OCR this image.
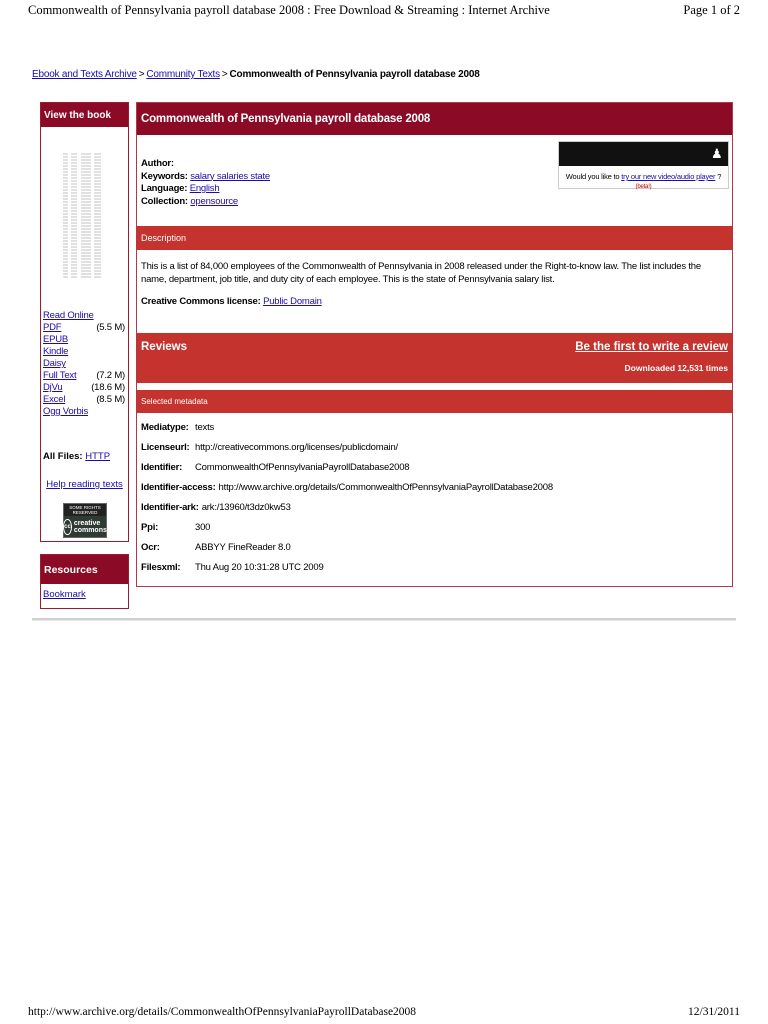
Commonwealth of Pennsylvania payroll database 2008 : Free Download & Streaming : Internet Archive	Page 1 of 2
Ebook and Texts Archive > Community Texts > Commonwealth of Pennsylvania payroll database 2008
View the book
Read Online
PDF	(5.5 M)
EPUB
Kindle
Daisy
Full Text (7.2 M)
DjVu	(18.6 M)
Excel	(8.5 M)
Ogg Vorbis
All Files: HTTP
Help reading texts
SOME RIGHTS RESERVED
cc creative
commons
Resources
Bookmark
Commonwealth of Pennsylvania payroll database 2008
Author:
Keywords: salary salaries state
Language: English
Collection: opensource
♟
Would you like to try our new video/audio player ? (beta!)
Description
This is a list of 84,000 employees of the Commonwealth of Pennsylvania in 2008 released under the Right-to-know law. The list includes the name, department, job title, and duty city of each employee. This is the state of Pennsylvania salary list.
Creative Commons license: Public Domain
Reviews	Be the first to write a review
Downloaded 12,531 times
Selected metadata
Mediatype: texts
Licenseurl: http://creativecommons.org/licenses/publicdomain/
Identifier:	CommonwealthOfPennsylvaniaPayrollDatabase2008
Identifier-access: http://www.archive.org/details/CommonwealthOfPennsylvaniaPayrollDatabase2008
Identifier-ark: ark:/13960/t3dz0kw53
Ppi:	300
Ocr:	ABBYY FineReader 8.0
Filesxml:	Thu Aug 20 10:31:28 UTC 2009
http://www.archive.org/details/CommonwealthOfPennsylvaniaPayrollDatabase2008	12/31/2011
